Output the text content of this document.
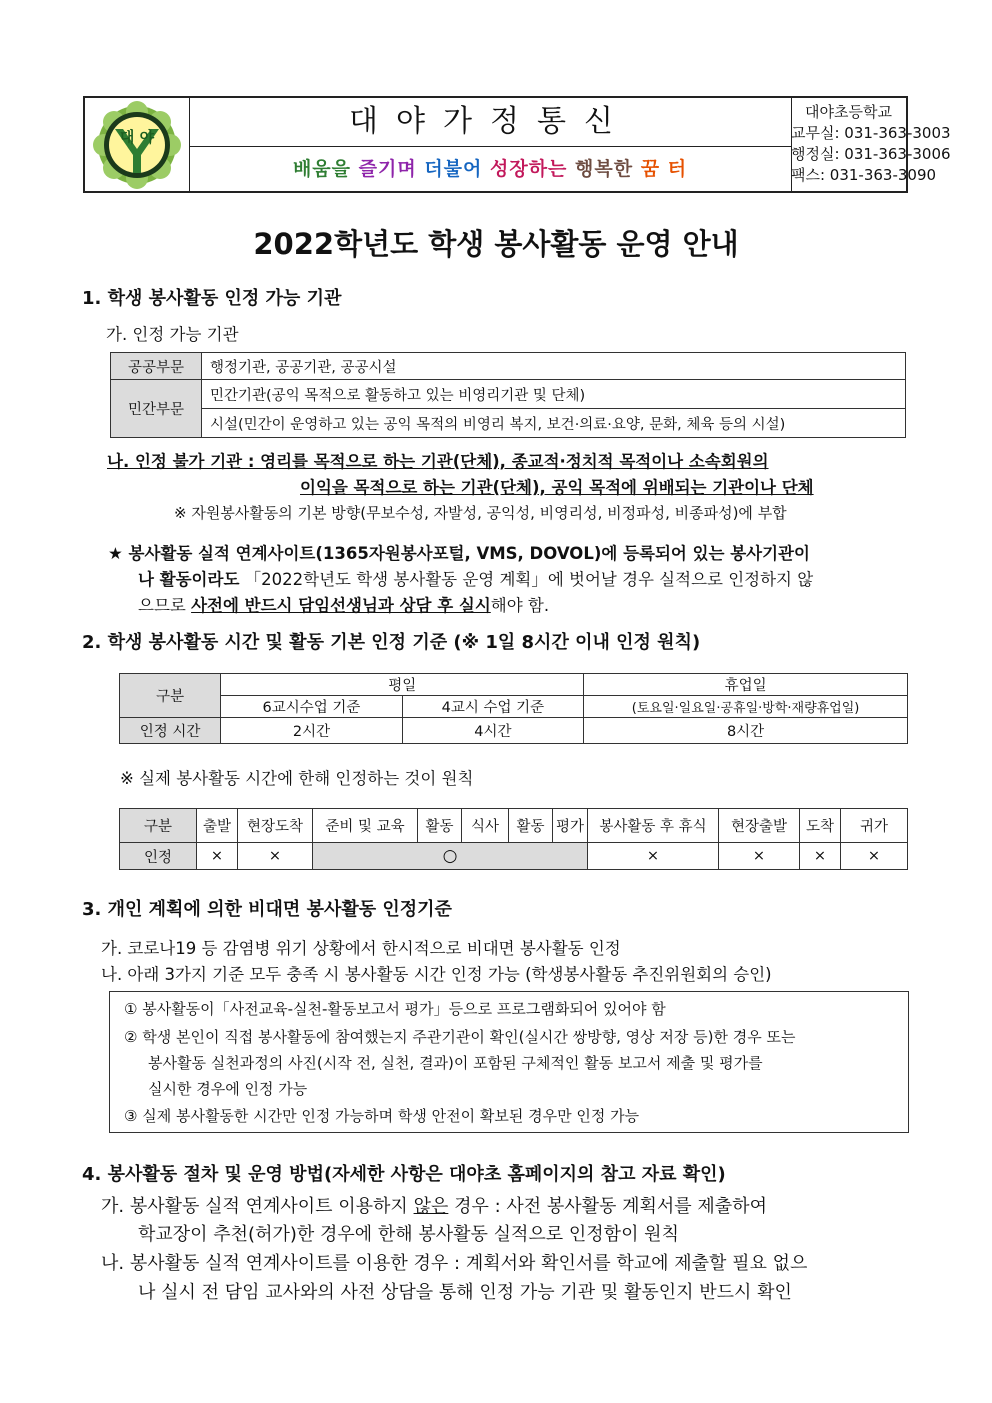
대 야	대야가정통신
배움을 즐기며 더불어 성장하는 행복한 꿈 터
대야초등학교
교무실: 031-363-3003
행정실: 031-363-3006
팩스: 031-363-3090
2022학년도 학생 봉사활동 운영 안내
1. 학생 봉사활동 인정 가능 기관
가. 인정 가능 기관
공공부문	행정기관, 공공기관, 공공시설
민간부문	민간기관(공익 목적으로 활동하고 있는 비영리기관 및 단체)
	시설(민간이 운영하고 있는 공익 목적의 비영리 복지, 보건·의료·요양, 문화, 체육 등의 시설)
나. 인정 불가 기관 : 영리를 목적으로 하는 기관(단체), 종교적·정치적 목적이나 소속회원의
이익을 목적으로 하는 기관(단체), 공익 목적에 위배되는 기관이나 단체
※ 자원봉사활동의 기본 방향(무보수성, 자발성, 공익성, 비영리성, 비정파성, 비종파성)에 부합
★ 봉사활동 실적 연계사이트(1365자원봉사포털, VMS, DOVOL)에 등록되어 있는 봉사기관이
나 활동이라도 「2022학년도 학생 봉사활동 운영 계획」에 벗어날 경우 실적으로 인정하지 않
으므로 사전에 반드시 담임선생님과 상담 후 실시해야 함.
2. 학생 봉사활동 시간 및 활동 기본 인정 기준 (※ 1일 8시간 이내 인정 원칙)
구분	평일		휴업일
	6교시수업 기준	4교시 수업 기준	(토요일·일요일·공휴일·방학·재량휴업일)
인정 시간	2시간	4시간	8시간
※ 실제 봉사활동 시간에 한해 인정하는 것이 원칙
구분	출발	현장도착	준비 및 교육	활동	식사	활동	평가	봉사활동 후 휴식	현장출발	도착	귀가
인정	×	×	○					×	×	×	×
3. 개인 계획에 의한 비대면 봉사활동 인정기준
가. 코로나19 등 감염병 위기 상황에서 한시적으로 비대면 봉사활동 인정
나. 아래 3가지 기준 모두 충족 시 봉사활동 시간 인정 가능 (학생봉사활동 추진위원회의 승인)
① 봉사활동이「사전교육-실천-활동보고서 평가」등으로 프로그램화되어 있어야 함
② 학생 본인이 직접 봉사활동에 참여했는지 주관기관이 확인(실시간 쌍방향, 영상 저장 등)한 경우 또는
봉사활동 실천과정의 사진(시작 전, 실천, 결과)이 포함된 구체적인 활동 보고서 제출 및 평가를
실시한 경우에 인정 가능
③ 실제 봉사활동한 시간만 인정 가능하며 학생 안전이 확보된 경우만 인정 가능
4. 봉사활동 절차 및 운영 방법(자세한 사항은 대야초 홈페이지의 참고 자료 확인)
가. 봉사활동 실적 연계사이트 이용하지 않은 경우 : 사전 봉사활동 계획서를 제출하여
학교장이 추천(허가)한 경우에 한해 봉사활동 실적으로 인정함이 원칙
나. 봉사활동 실적 연계사이트를 이용한 경우 : 계획서와 확인서를 학교에 제출할 필요 없으
나 실시 전 담임 교사와의 사전 상담을 통해 인정 가능 기관 및 활동인지 반드시 확인
